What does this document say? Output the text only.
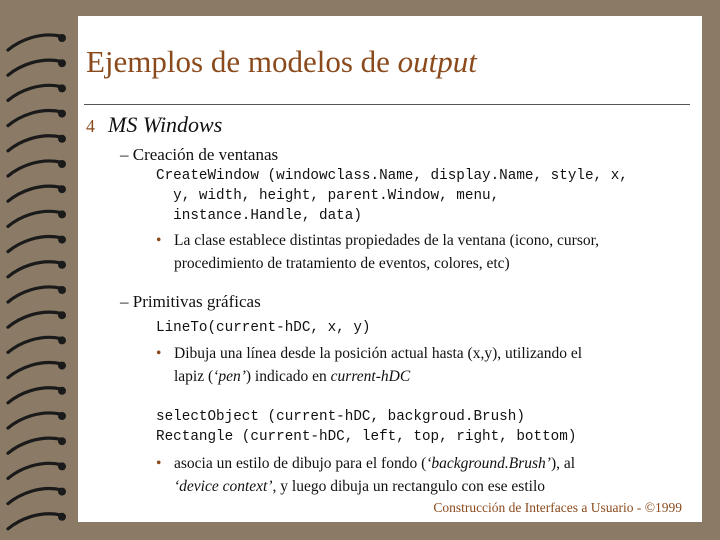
Ejemplos de modelos de output
4 MS Windows
– Creación de ventanas
CreateWindow (windowclass.Name, display.Name, style, x,
y, width, height, parent.Window, menu,
instance.Handle, data)
• La clase establece distintas propiedades de la ventana (icono, cursor,
procedimiento de tratamiento de eventos, colores, etc)
– Primitivas gráficas
LineTo(current-hDC, x, y)
• Dibuja una línea desde la posición actual hasta (x,y), utilizando el
lapiz (‘pen’) indicado en current-hDC
selectObject (current-hDC, backgroud.Brush)
Rectangle (current-hDC, left, top, right, bottom)
• asocia un estilo de dibujo para el fondo (‘background.Brush’), al
‘device context’, y luego dibuja un rectangulo con ese estilo
Construcción de Interfaces a Usuario - ©1999
